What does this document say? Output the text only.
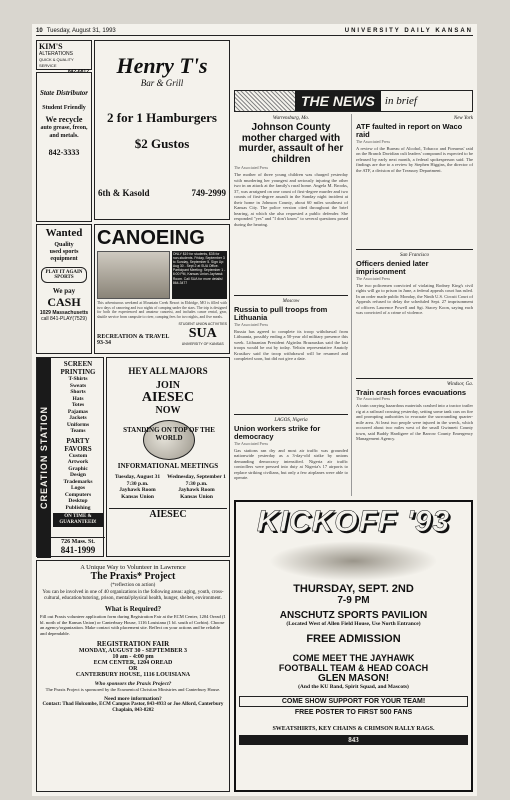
10 Tuesday, August 31, 1993	UNIVERSITY DAILY KANSAN
KIM'S
ALTERATIONS
QUICK & QUALITY SERVICE
State Distributor
Student Friendly
We recycle
auto grease, freon, and metals.
842-3333
Henry T's
Bar & Grill
2 for 1 Hamburgers
$2 Gustos
6th & Kasold	749-2999
Wanted
Quality
used sports
equipment
PLAY IT AGAIN SPORTS
We pay
CASH
1029 Massachusetts
call 841-PLAY(7529)
CANOEING
ONLY $19 for students, $35 for non-students. Friday, September 3 to Sunday, September 5. Sign Up: Aug 30 - Sept 2 at SUA Office. Participant Meeting: September 1 - 6:00 PM, Kansas Union Jayhawk Room. Call SUA for more details! 864-3477
This adventurous weekend at Mountain Creek Resort in Eldridge, MO is filled with two days of canoeing and two nights of camping under the stars. The trip is designed for both the experienced and amateur canoeist, and includes canoe rental, gear, shuttle service from campsite to river, camping fees for two nights, and five meals.
RECREATION & TRAVEL
93-34
STUDENT UNION ACTIVITIES
SUA
UNIVERSITY OF KANSAS
CREATION STATION
SCREEN PRINTING
T-Shirts
Sweats
Shorts
Hats
Totes
Pajamas
Jackets
Uniforms
Teams
PARTY FAVORS
Custom
Artwork
Graphic
Design
Trademarks
Logos
Computers
Desktop
Publishing
ON TIME & GUARANTEED!
726 Mass. St.
841-1999
HEY ALL MAJORS
JOIN
AIESEC
NOW
STANDING ON TOP OF THE WORLD
INFORMATIONAL MEETINGS
Tuesday, August 31
7:30 p.m.
Jayhawk Room
Kansas Union
Wednesday, September 1
7:30 p.m.
Jayhawk Room
Kansas Union
AIESEC
A Unique Way to Volunteer in Lawrence
The Praxis* Project
(*reflection on action)
You can be involved in one of 40 organizations in the following areas: aging, youth, cross-cultural, education/tutoring, prison, mental/physical health, hunger, shelter, environment.
What is Required?
Fill out Praxis volunteer application form during Registration Fair at the ECM Center, 1204 Oread (1 bl. north of the Kansas Union) or Canterbury House, 1116 Louisiana (1 bl. south of Corbin). Choose an agency/organization. Make contact with placement site. Reflect on your actions and be reliable and dependable.
REGISTRATION FAIR
MONDAY, AUGUST 30 - SEPTEMBER 3
10 am - 4:00 pm
ECM CENTER, 1204 OREAD
OR
CANTERBURY HOUSE, 1116 LOUISIANA
Who sponsors the Praxis Project?
The Praxis Project is sponsored by the Ecumenical Christian Ministries and Canterbury House.
Need more information?
Contact: Thad Holcombe, ECM Campus Pastor, 843-4933 or Joe Alford, Canterbury Chaplain, 843-8202
THE NEWS in brief
Warrensburg, Mo.
Johnson County mother charged with murder, assault of her children
The Associated Press
The mother of three young children was charged yesterday with murdering her youngest and seriously injuring the other two in an attack at the family's rural home. Angela M. Brooks, 37, was arraigned on one count of first-degree murder and two counts of first-degree assault in the Sunday night incident at their home in Johnson County, about 60 miles southeast of Kansas City. The police version cited throughout the brief hearing, at which she also requested a public defender. She responded "yes" and "I don't know" to several questions posed during the hearing.
Moscow
Russia to pull troops from Lithuania
The Associated Press
Russia has agreed to complete its troop withdrawal from Lithuania, possibly ending a 50-year old military presence this week. Lithuanian President Algirdas Brazauskas said the last troops would be out by today. Yeltsin representative Anatoly Krasikov said the troop withdrawal will be resumed and completed soon, but did not give a date.
LAGOS, Nigeria
Union workers strike for democracy
The Associated Press
Gas stations ran dry and most air traffic was grounded nationwide yesterday as a 3-day-old strike by unions demanding democracy intensified. Nigeria air traffic controllers were pressed into duty at Nigeria's 17 airports to replace striking civilians, but only a few airplanes were able to operate.
New York
ATF faulted in report on Waco raid
The Associated Press
A review of the Bureau of Alcohol, Tobacco and Firearms' raid on the Branch Davidian cult leaders' compound is expected to be released by early next month, a federal spokesperson said. The findings are due to a review by Stephen Higgins, the director of the ATF, a division of the Treasury Department.
San Francisco
Officers denied later imprisonment
The Associated Press
The two policemen convicted of violating Rodney King's civil rights will go to prison in June, a federal appeals court has ruled. In an order made public Monday, the Ninth U.S. Circuit Court of Appeals refused to delay the scheduled Sept. 27 imprisonment of officers Laurence Powell and Sgt. Stacey Koon, saying each was convicted of a crime of violence.
Windsor, Ga.
Train crash forces evacuations
The Associated Press
A train carrying hazardous materials crashed into a tractor trailer rig at a railroad crossing yesterday, setting some tank cars on fire and prompting authorities to evacuate the surrounding quarter-mile area. At least two people were injured in the wreck, which occurred about two miles west of the small Gwinnett County town, said Buddy Hardigree of the Barrow County Emergency Management Agency.
KICKOFF '93
THURSDAY, SEPT. 2ND
7-9 PM
ANSCHUTZ SPORTS PAVILION
(Located West of Allen Field House, Use North Entrance)
FREE ADMISSION
COME MEET THE JAYHAWK
FOOTBALL TEAM & HEAD COACH
GLEN MASON!
(And the KU Band, Spirit Squad, and Mascots)
COME SHOW SUPPORT FOR YOUR TEAM!
FREE POSTER TO FIRST 500 FANS
SWEATSHIRTS, KEY CHAINS & CRIMSON RALLY RAGS.
843
